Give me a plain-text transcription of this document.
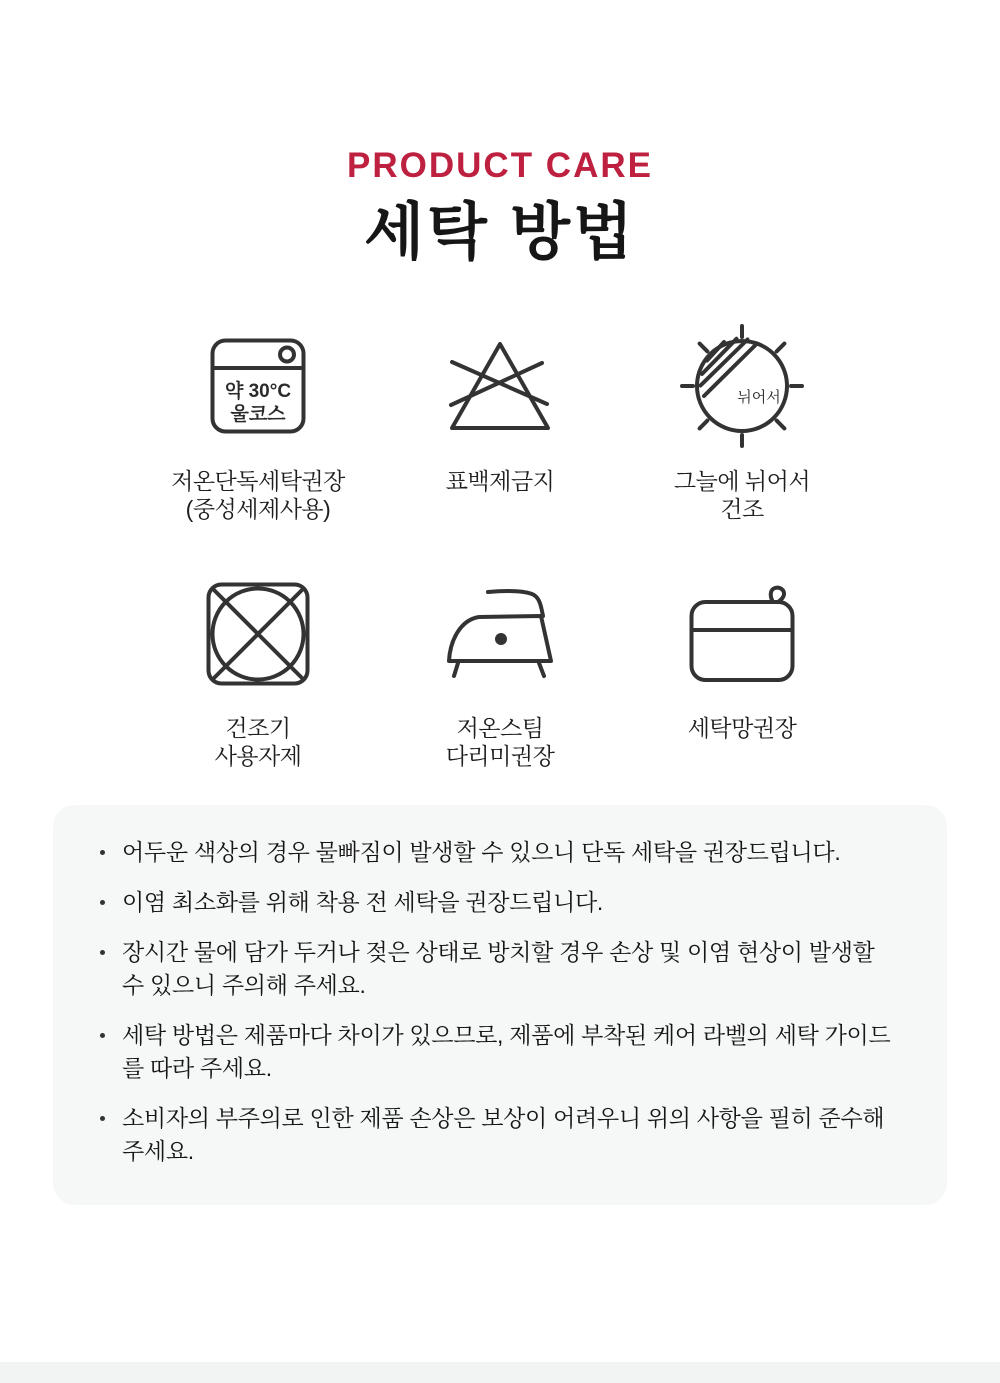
PRODUCT CARE
세탁 방법
약 30°C
울코스
저온단독세탁권장
(중성세제사용)
표백제금지
뉘어서
그늘에 뉘어서
건조
건조기
사용자제
저온스팀
다리미권장
세탁망권장
어두운 색상의 경우 물빠짐이 발생할 수 있으니 단독 세탁을 권장드립니다.
이염 최소화를 위해 착용 전 세탁을 권장드립니다.
장시간 물에 담가 두거나 젖은 상태로 방치할 경우 손상 및 이염 현상이 발생할 수 있으니 주의해 주세요.
세탁 방법은 제품마다 차이가 있으므로, 제품에 부착된 케어 라벨의 세탁 가이드를 따라 주세요.
소비자의 부주의로 인한 제품 손상은 보상이 어려우니 위의 사항을 필히 준수해 주세요.
